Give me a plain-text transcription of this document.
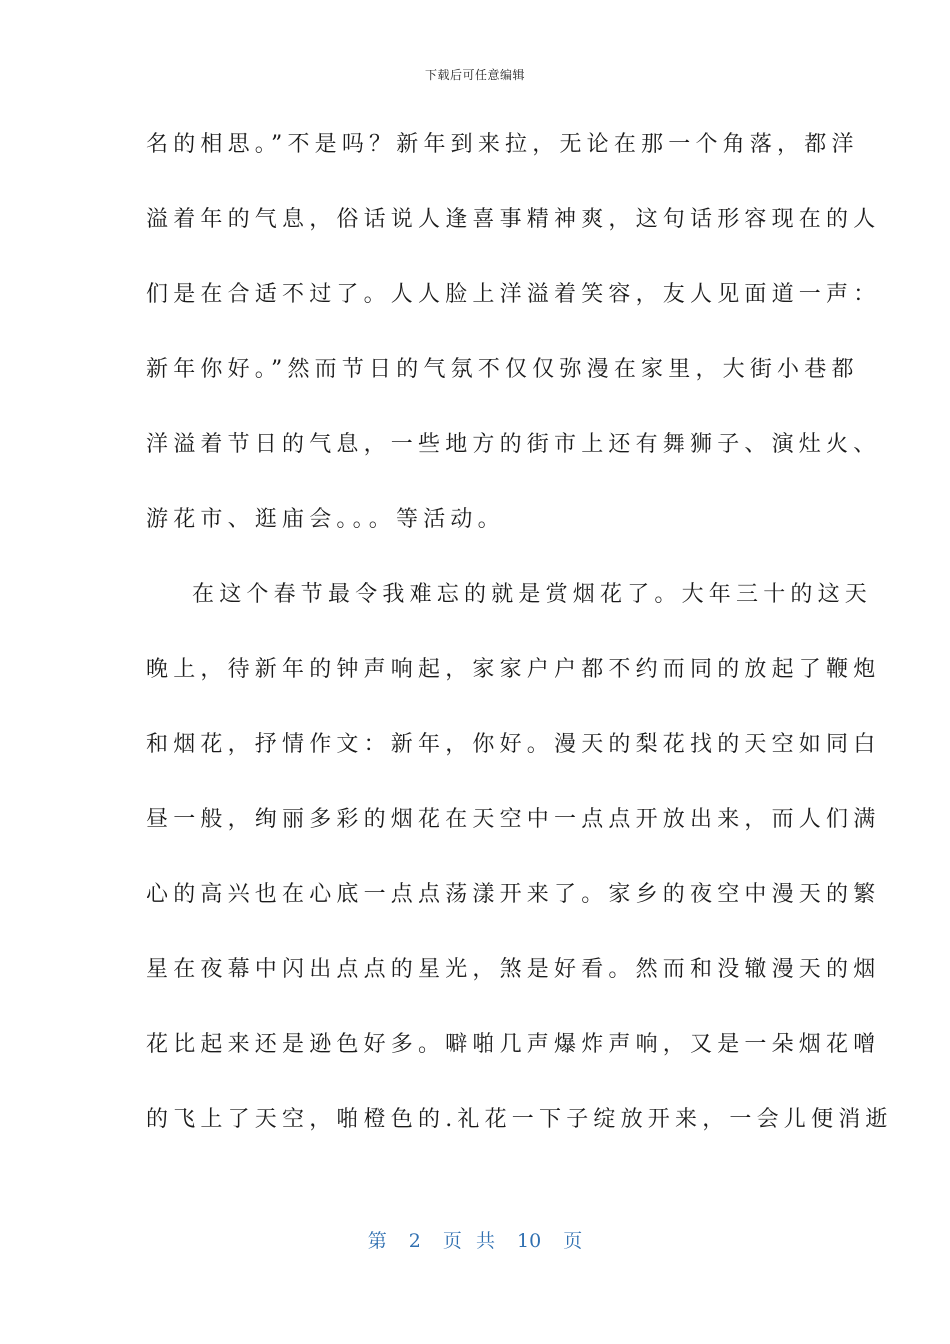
下载后可任意编辑
名的相思。”不是吗？新年到来拉，无论在那一个角落，都洋
溢着年的气息，俗话说人逢喜事精神爽，这句话形容现在的人
们是在合适不过了。人人脸上洋溢着笑容，友人见面道一声：
新年你好。”然而节日的气氛不仅仅弥漫在家里，大街小巷都
洋溢着节日的气息，一些地方的街市上还有舞狮子、演灶火、
游花市、逛庙会。。。等活动。
在这个春节最令我难忘的就是赏烟花了。大年三十的这天
晚上，待新年的钟声响起，家家户户都不约而同的放起了鞭炮
和烟花，抒情作文：新年，你好。漫天的梨花找的天空如同白
昼一般，绚丽多彩的烟花在天空中一点点开放出来，而人们满
心的高兴也在心底一点点荡漾开来了。家乡的夜空中漫天的繁
星在夜幕中闪出点点的星光，煞是好看。然而和没辙漫天的烟
花比起来还是逊色好多。噼啪几声爆炸声响，又是一朵烟花噌
的飞上了天空，啪橙色的.礼花一下子绽放开来，一会儿便消逝
第 2 页 共 10 页
